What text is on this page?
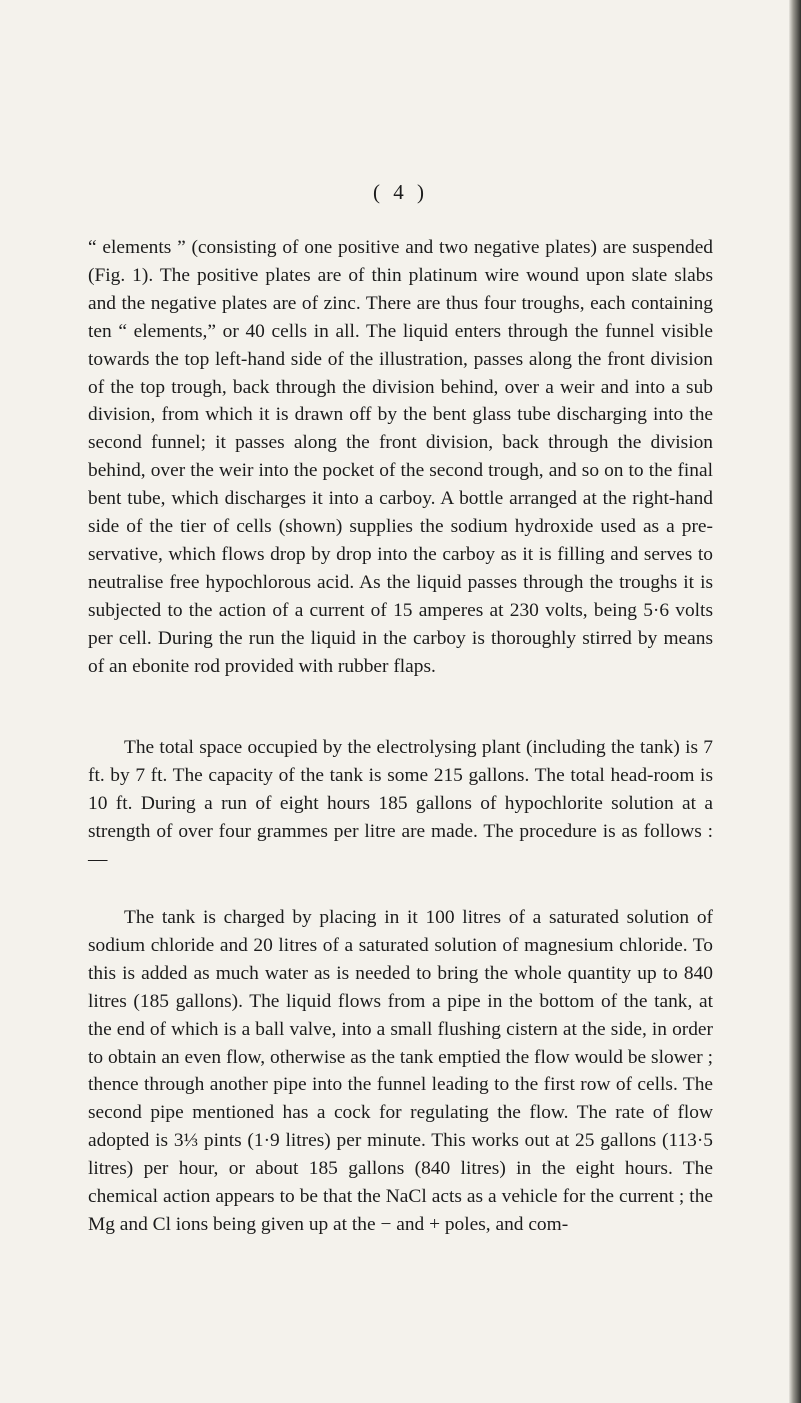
( 4 )

“ elements ” (consisting of one positive and two negative plates) are suspended (Fig. 1). The positive plates are of thin platinum wire wound upon slate slabs and the negative plates are of zinc. There are thus four troughs, each containing ten “ elements,” or 40 cells in all. The liquid enters through the funnel visible towards the top left-hand side of the illustration, passes along the front division of the top trough, back through the division behind, over a weir and into a sub division, from which it is drawn off by the bent glass tube discharging into the second funnel; it passes along the front division, back through the division behind, over the weir into the pocket of the second trough, and so on to the final bent tube, which discharges it into a carboy. A bottle arranged at the right-hand side of the tier of cells (shown) supplies the sodium hydroxide used as a preservative, which flows drop by drop into the carboy as it is filling and serves to neutralise free hypochlorous acid. As the liquid passes through the troughs it is subjected to the action of a current of 15 amperes at 230 volts, being 5·6 volts per cell. During the run the liquid in the carboy is thoroughly stirred by means of an ebonite rod provided with rubber flaps.

The total space occupied by the electrolysing plant (including the tank) is 7 ft. by 7 ft. The capacity of the tank is some 215 gallons. The total head-room is 10 ft. During a run of eight hours 185 gallons of hypochlorite solution at a strength of over four grammes per litre are made. The procedure is as follows :—

The tank is charged by placing in it 100 litres of a saturated solution of sodium chloride and 20 litres of a saturated solution of magnesium chloride. To this is added as much water as is needed to bring the whole quantity up to 840 litres (185 gallons). The liquid flows from a pipe in the bottom of the tank, at the end of which is a ball valve, into a small flushing cistern at the side, in order to obtain an even flow, otherwise as the tank emptied the flow would be slower ; thence through another pipe into the funnel leading to the first row of cells. The second pipe mentioned has a cock for regulating the flow. The rate of flow adopted is 3⅓ pints (1·9 litres) per minute. This works out at 25 gallons (113·5 litres) per hour, or about 185 gallons (840 litres) in the eight hours. The chemical action appears to be that the NaCl acts as a vehicle for the current ; the Mg and Cl ions being given up at the − and + poles, and com-
